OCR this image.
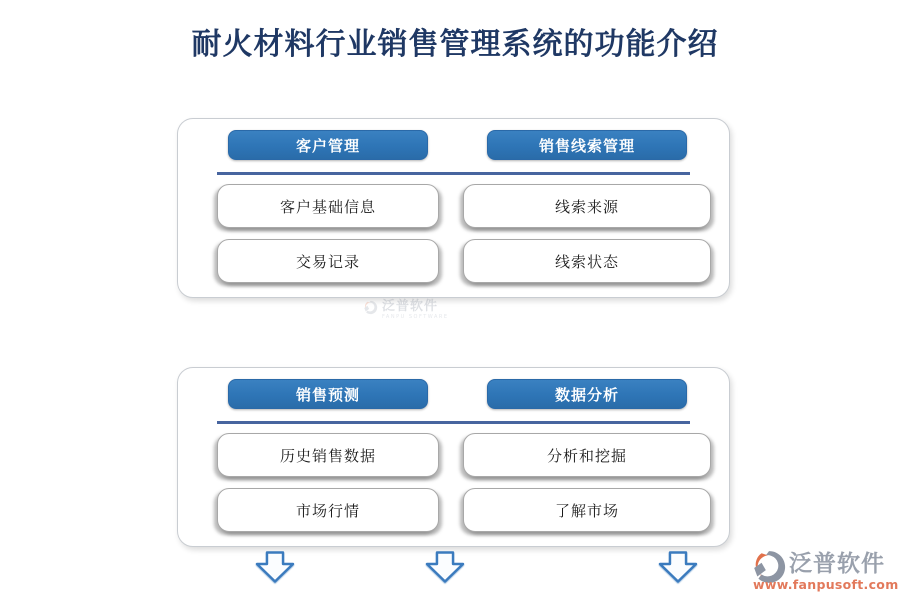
耐火材料行业销售管理系统的功能介绍
客户管理	销售线索管理
客户基础信息	线索来源
交易记录	线索状态
泛普软件
FANPU SOFTWARE
销售预测	数据分析
历史销售数据	分析和挖掘
市场行情	了解市场
泛普软件
www.fanpusoft.com
